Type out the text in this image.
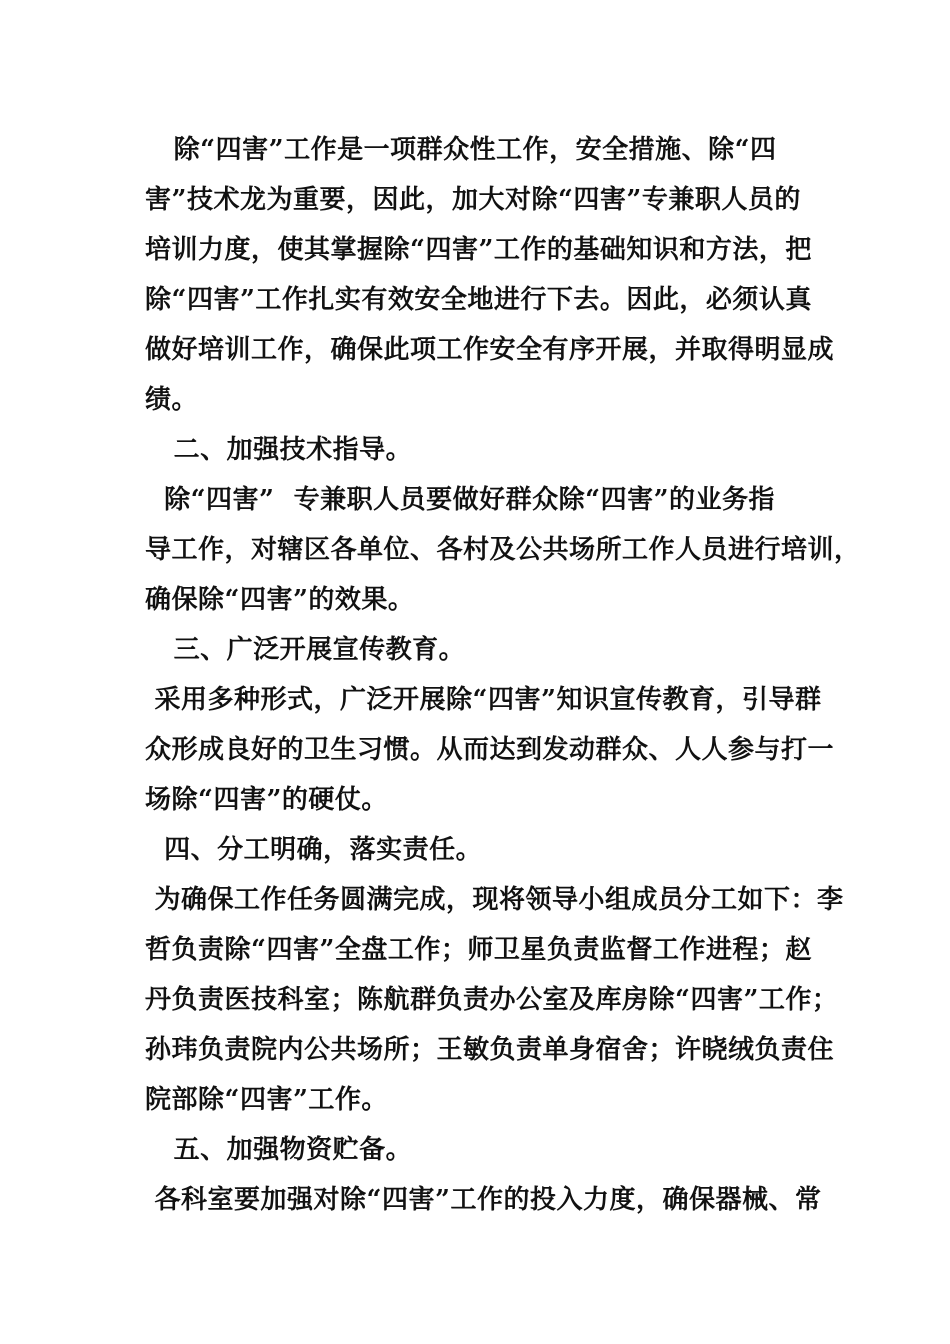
除“四害”工作是一项群众性工作，安全措施、除“四
害”技术龙为重要，因此，加大对除“四害”专兼职人员的
培训力度，使其掌握除“四害”工作的基础知识和方法，把
除“四害”工作扎实有效安全地进行下去。因此，必须认真
做好培训工作，确保此项工作安全有序开展，并取得明显成
绩。
二、加强技术指导。
除“四害”  专兼职人员要做好群众除“四害”的业务指
导工作，对辖区各单位、各村及公共场所工作人员进行培训，
确保除“四害”的效果。
三、广泛开展宣传教育。
采用多种形式，广泛开展除“四害”知识宣传教育，引导群
众形成良好的卫生习惯。从而达到发动群众、人人参与打一
场除“四害”的硬仗。
四、分工明确，落实责任。
为确保工作任务圆满完成，现将领导小组成员分工如下：李
哲负责除“四害”全盘工作；师卫星负责监督工作进程；赵
丹负责医技科室；陈航群负责办公室及库房除“四害”工作；
孙玮负责院内公共场所；王敏负责单身宿舍；许晓绒负责住
院部除“四害”工作。
五、加强物资贮备。
各科室要加强对除“四害”工作的投入力度，确保器械、常
